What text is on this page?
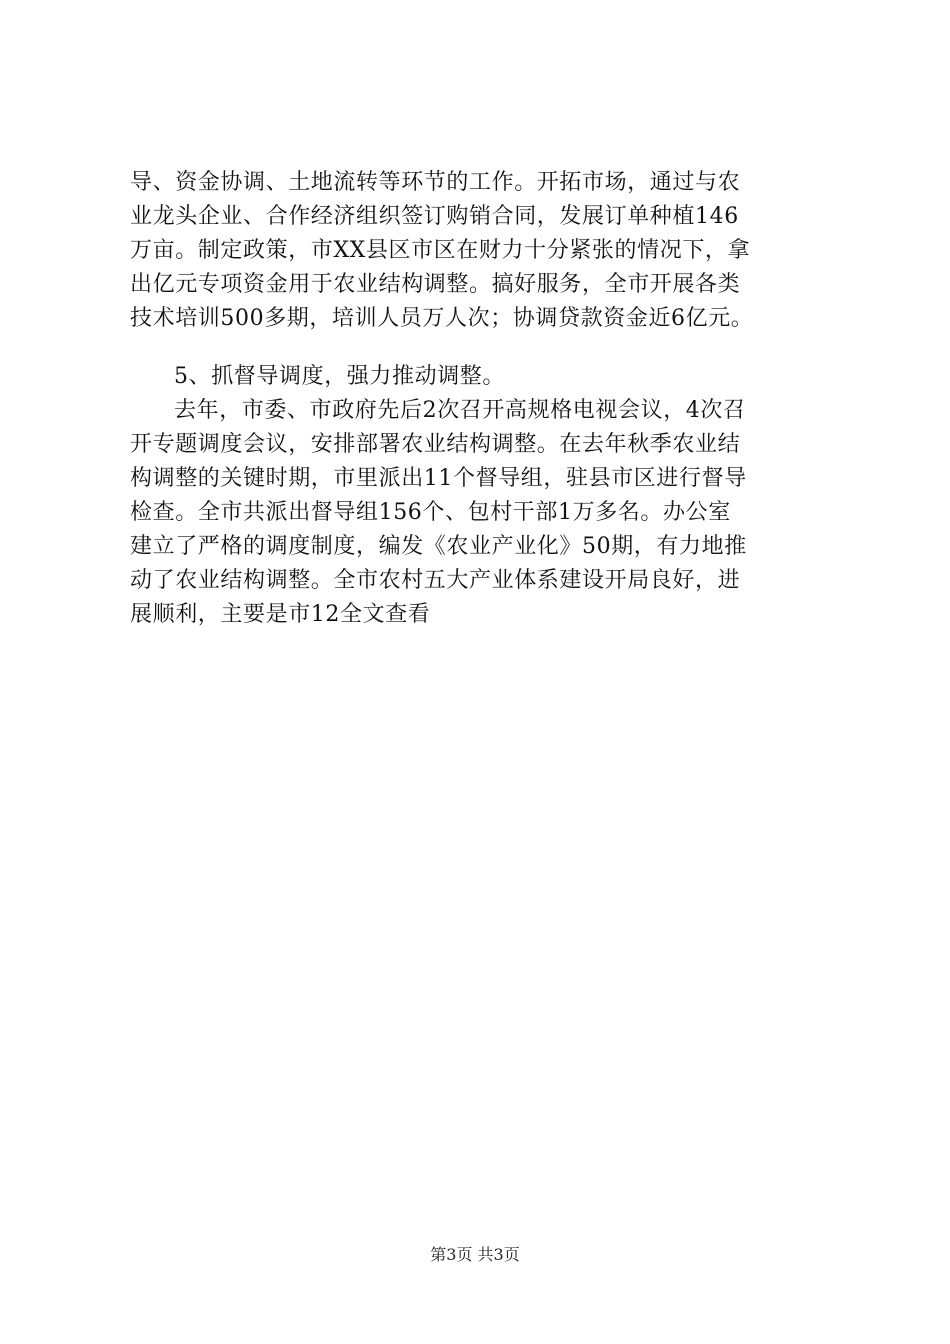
导、资金协调、土地流转等环节的工作。开拓市场，通过与农
业龙头企业、合作经济组织签订购销合同，发展订单种植146
万亩。制定政策，市XX县区市区在财力十分紧张的情况下，拿
出亿元专项资金用于农业结构调整。搞好服务，全市开展各类
技术培训500多期，培训人员万人次；协调贷款资金近6亿元。
5、抓督导调度，强力推动调整。
去年，市委、市政府先后2次召开高规格电视会议，4次召
开专题调度会议，安排部署农业结构调整。在去年秋季农业结
构调整的关键时期，市里派出11个督导组，驻县市区进行督导
检查。全市共派出督导组156个、包村干部1万多名。办公室
建立了严格的调度制度，编发《农业产业化》50期，有力地推
动了农业结构调整。全市农村五大产业体系建设开局良好，进
展顺利，主要是市12全文查看
第3页 共3页
